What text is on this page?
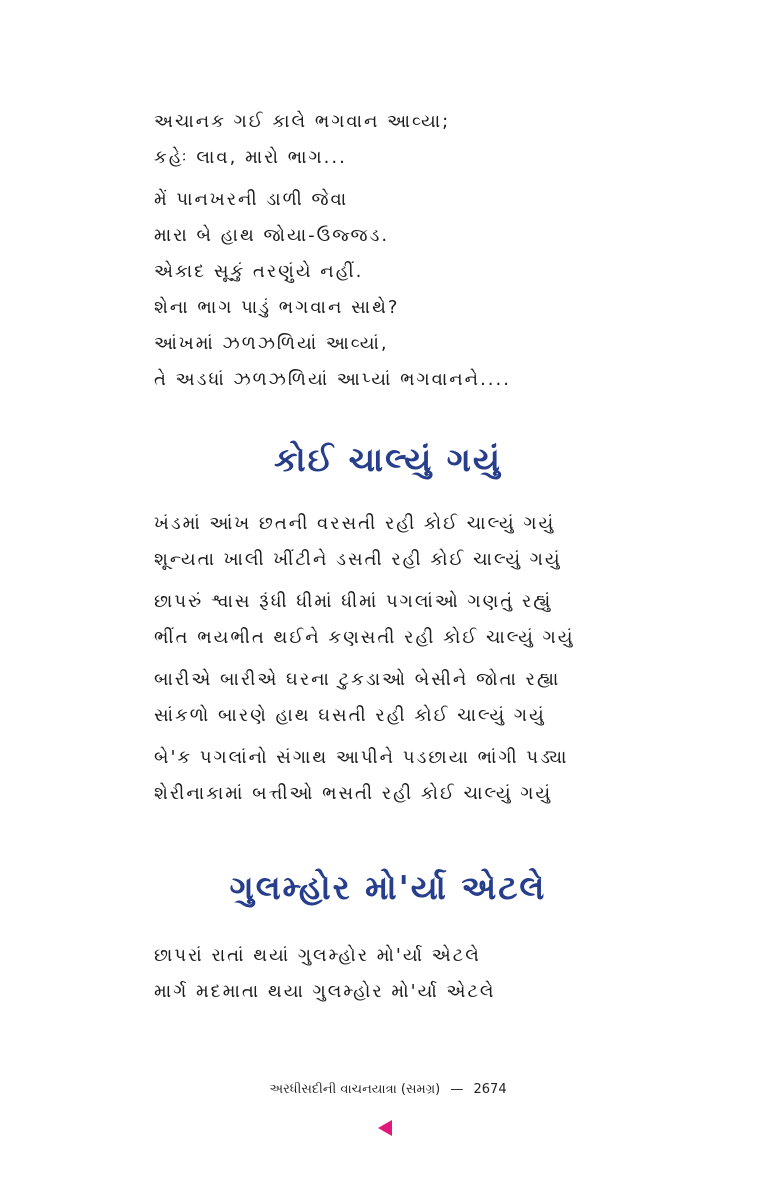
અચાનક ગઈ કાલે ભગવાન આવ્યા;
કહેઃ લાવ, મારો ભાગ...
મેં પાનખરની ડાળી જેવા
મારા બે હાથ જોયા-ઉજ્જડ.
એકાદ સૂકું તરણુંયે નહીં.
શેના ભાગ પાડું ભગવાન સાથે?
આંખમાં ઝળઝળિયાં આવ્યાં,
તે અડધાં ઝળઝળિયાં આપ્યાં ભગવાનને....
કોઈ ચાલ્યું ગયું
ખંડમાં આંખ છતની વરસતી રહી કોઈ ચાલ્યું ગયું
શૂન્યતા ખાલી ખીંટીને ડસતી રહી કોઈ ચાલ્યું ગયું
છાપરું શ્વાસ રૂંધી ધીમાં ધીમાં પગલાંઓ ગણતું રહ્યું
ભીંત ભયભીત થઈને કણસતી રહી કોઈ ચાલ્યું ગયું
બારીએ બારીએ ઘરના ટુકડાઓ બેસીને જોતા રહ્યા
સાંકળો બારણે હાથ ઘસતી રહી કોઈ ચાલ્યું ગયું
બે'ક પગલાંનો સંગાથ આપીને પડછાયા ભાંગી પડ્યા
શેરીનાકામાં બત્તીઓ ભસતી રહી કોઈ ચાલ્યું ગયું
ગુલમ્હોર મો'ર્યા એટલે
છાપરાં રાતાં થયાં ગુલમ્હોર મો'ર્યા એટલે
માર્ગ મદમાતા થયા ગુલમ્હોર મો'ર્યા એટલે
અરધીસદીની વાચનયાત્રા (સમગ્ર) — 2674
